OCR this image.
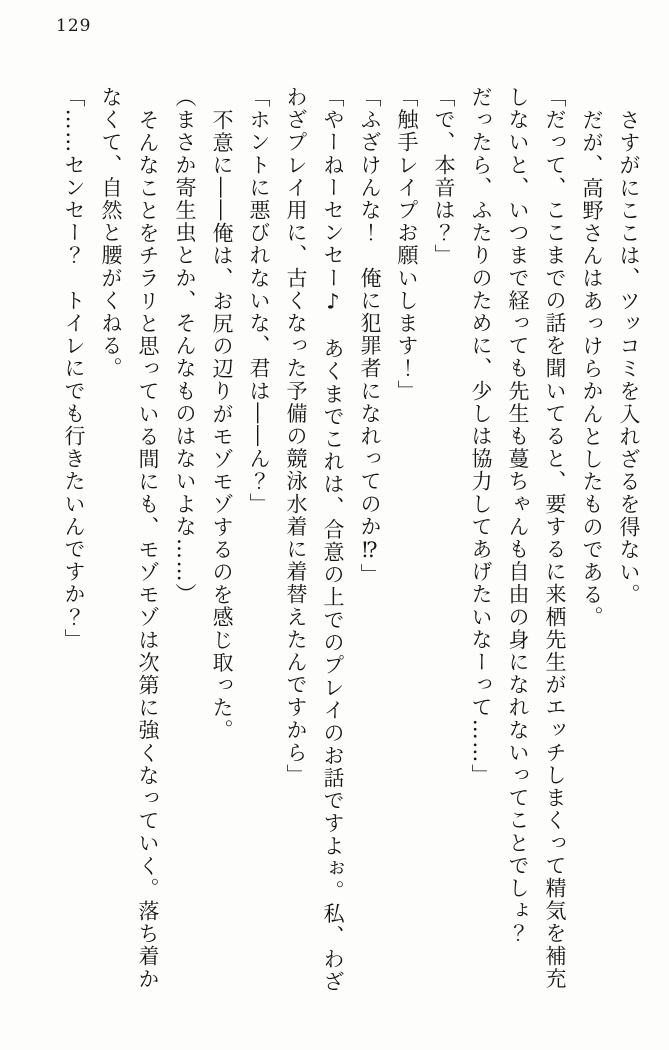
129
さすがにここは、ツッコミを入れざるを得ない。
だが、高野さんはあっけらかんとしたものである。
「だって、ここまでの話を聞いてると、要するに来栖先生がエッチしまくって精気を補充
しないと、いつまで経っても先生も蔓ちゃんも自由の身になれないってことでしょ？
だったら、ふたりのために、少しは協力してあげたいなーって……」
「で、本音は？」
「触手レイプお願いします！」
「ふざけんな！　俺に犯罪者になれってのか⁉」
「やーねーセンセー♪　あくまでこれは、合意の上でのプレイのお話ですよぉ。私、わざ
わざプレイ用に、古くなった予備の競泳水着に着替えたんですから」
「ホントに悪びれないな、君は――ん？」
不意に――俺は、お尻の辺りがモゾモゾするのを感じ取った。
（まさか寄生虫とか、そんなものはないよな……）
そんなことをチラリと思っている間にも、モゾモゾは次第に強くなっていく。落ち着か
なくて、自然と腰がくねる。
「……センセー？　トイレにでも行きたいんですか？」
